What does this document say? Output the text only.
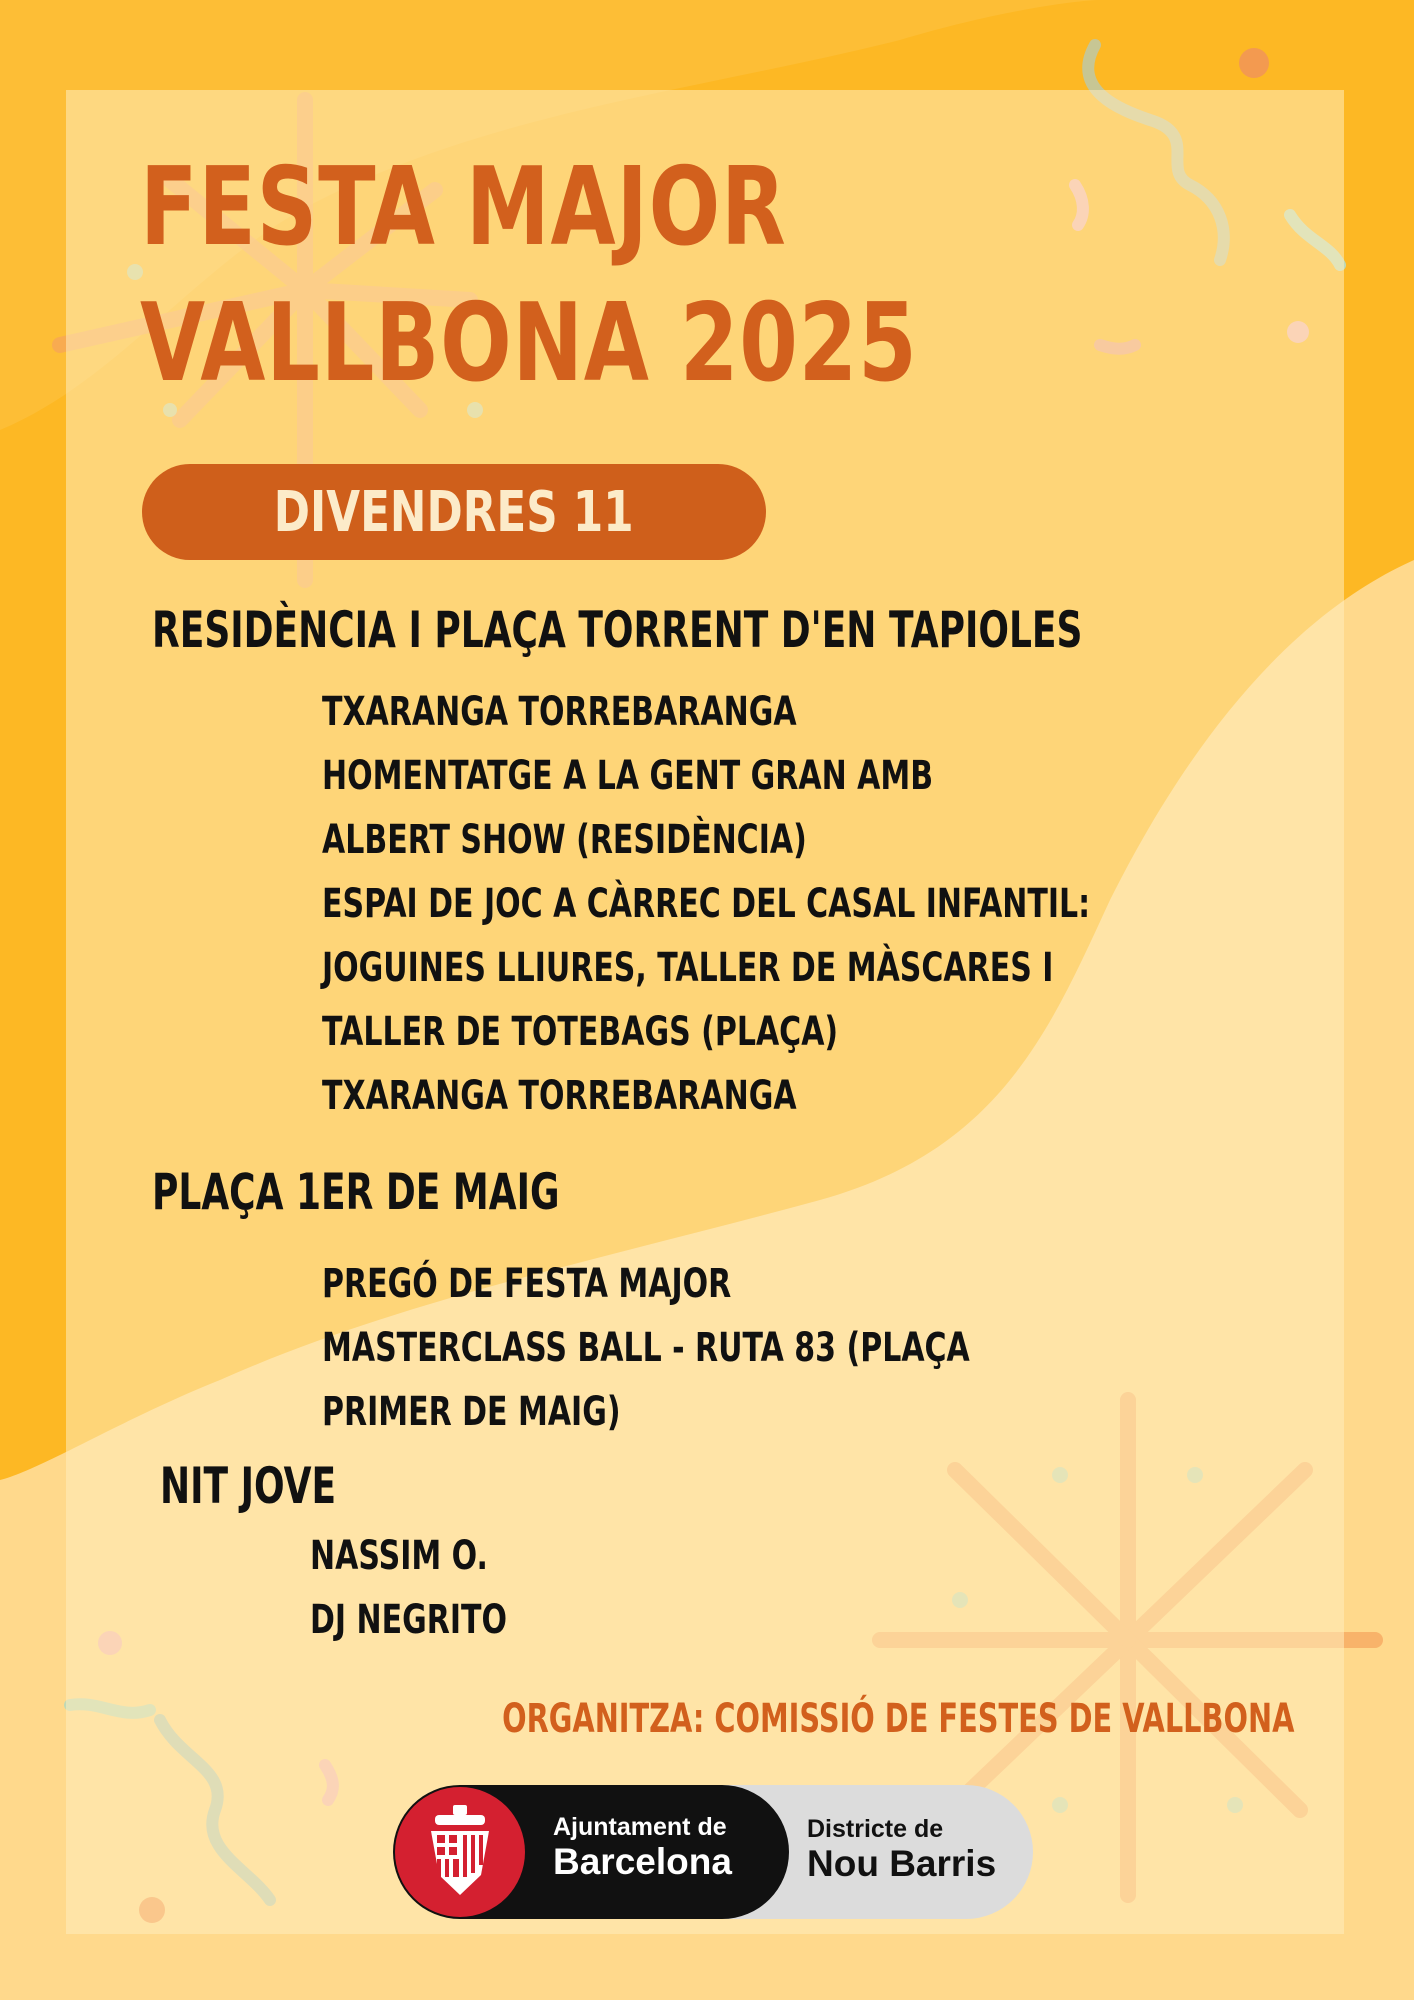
FESTA MAJOR
VALLBONA 2025
DIVENDRES 11
RESIDÈNCIA I PLAÇA TORRENT D'EN TAPIOLES
TXARANGA TORREBARANGA
HOMENTATGE A LA GENT GRAN AMB
ALBERT SHOW (RESIDÈNCIA)
ESPAI DE JOC A CÀRREC DEL CASAL INFANTIL:
JOGUINES LLIURES, TALLER DE MÀSCARES I
TALLER DE TOTEBAGS (PLAÇA)
TXARANGA TORREBARANGA
PLAÇA 1ER DE MAIG
PREGÓ DE FESTA MAJOR
MASTERCLASS BALL - RUTA 83 (PLAÇA
PRIMER DE MAIG)
NIT JOVE
NASSIM O.
DJ NEGRITO
ORGANITZA: COMISSIÓ DE FESTES DE VALLBONA
Ajuntament de
Barcelona
Districte de
Nou Barris
